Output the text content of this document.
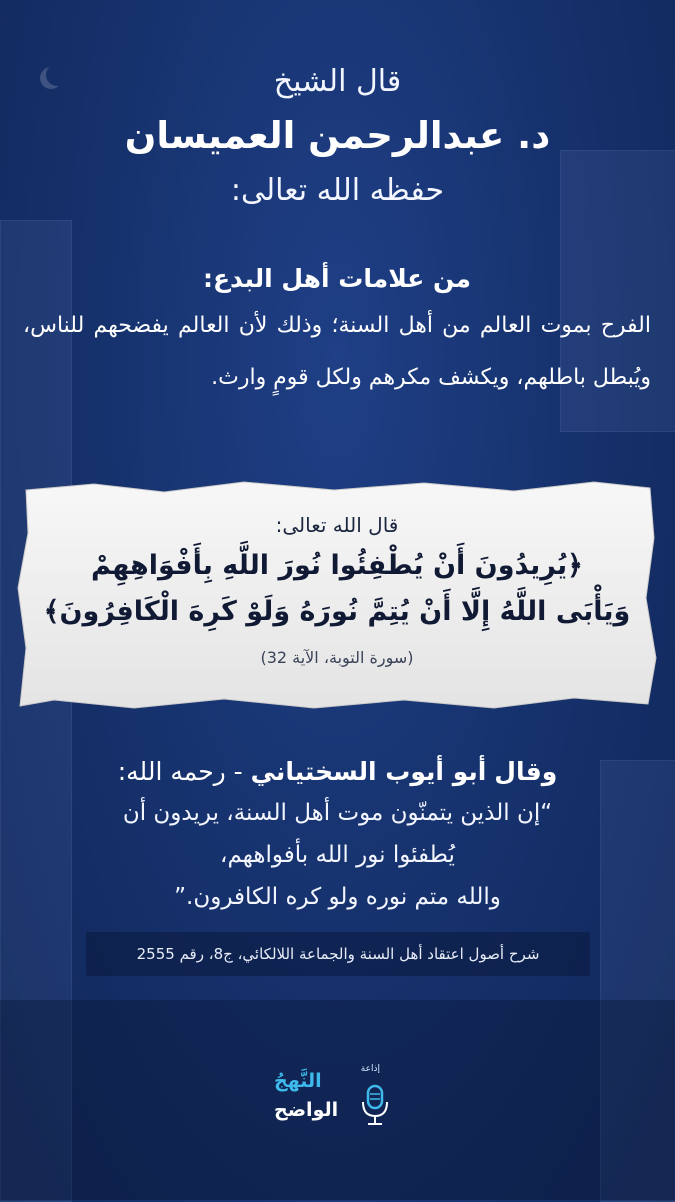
قال الشيخ
د. عبدالرحمن العميسان
حفظه الله تعالى:
من علامات أهل البدع:
الفرح بموت العالم من أهل السنة؛ وذلك لأن العالم يفضحهم للناس، ويُبطل باطلهم، ويكشف مكرهم ولكل قومٍ وارث.
قال الله تعالى:
﴿يُرِيدُونَ أَنْ يُطْفِئُوا نُورَ اللَّهِ بِأَفْوَاهِهِمْ
وَيَأْبَى اللَّهُ إِلَّا أَنْ يُتِمَّ نُورَهُ وَلَوْ كَرِهَ الْكَافِرُونَ﴾
(سورة التوبة، الآية 32)
وقال أبو أيوب السختياني - رحمه الله:
“إن الذين يتمنّون موت أهل السنة، يريدون أن
يُطفئوا نور الله بأفواههم،
والله متم نوره ولو كره الكافرون.”
شرح أصول اعتقاد أهل السنة والجماعة اللالكائي، ج8، رقم 2555
إذاعة
النَّهجُ
الواضح
